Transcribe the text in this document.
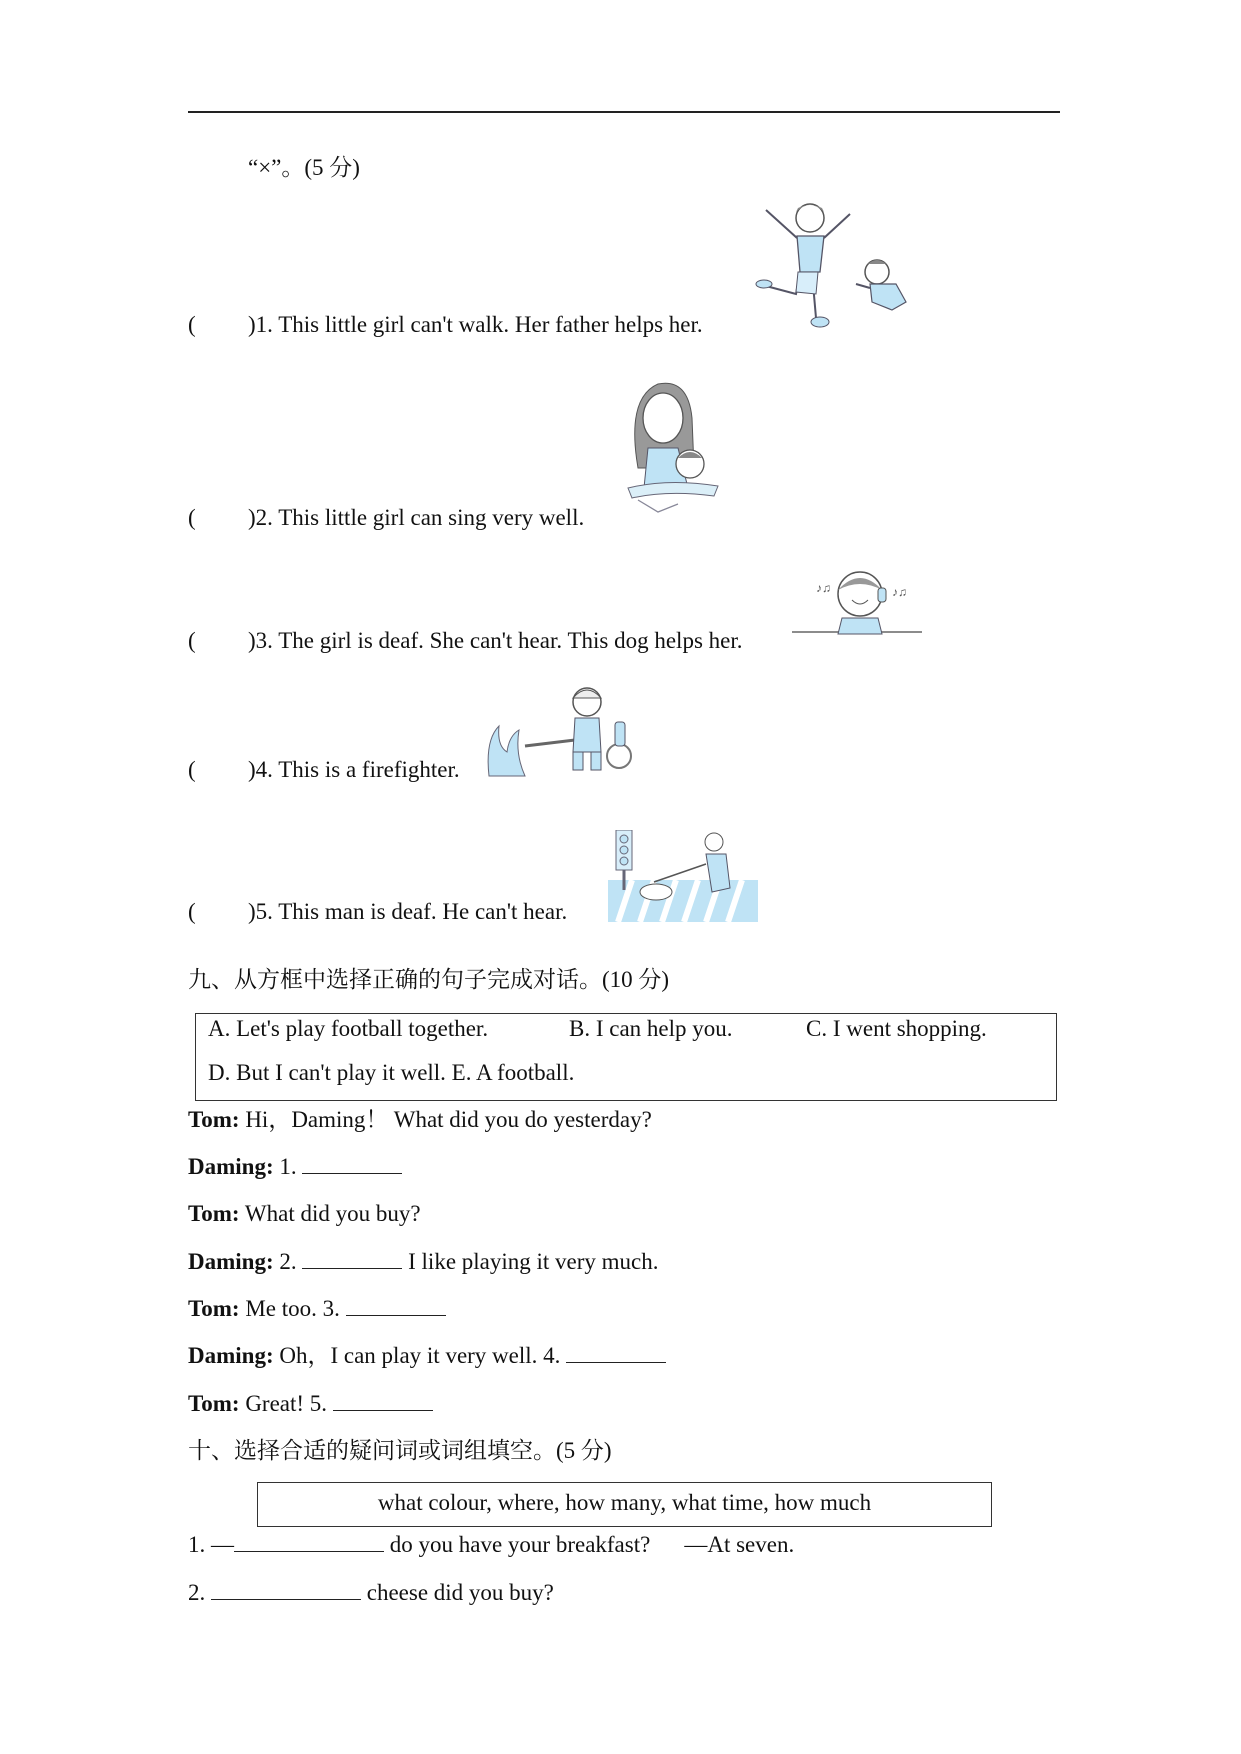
“×”。(5 分)
( )1. This little girl can't walk. Her father helps her.
( )2. This little girl can sing very well.
( )3. The girl is deaf. She can't hear. This dog helps her.
♪♫	♪♫
( )4. This is a firefighter.
( )5. This man is deaf. He can't hear.
九、从方框中选择正确的句子完成对话。(10 分)
A. Let's play football together.	B. I can help you.	C. I went shopping.
D. But I can't play it well. E. A football.
Tom: Hi，Daming！ What did you do yesterday?
Daming: 1.
Tom: What did you buy?
Daming: 2.	I like playing it very much.
Tom: Me too. 3.
Daming: Oh，I can play it very well. 4.
Tom: Great! 5.
十、选择合适的疑问词或词组填空。(5 分)
what colour, where, how many, what time, how much
1. —	do you have your breakfast? —At seven.
2.	cheese did you buy?
